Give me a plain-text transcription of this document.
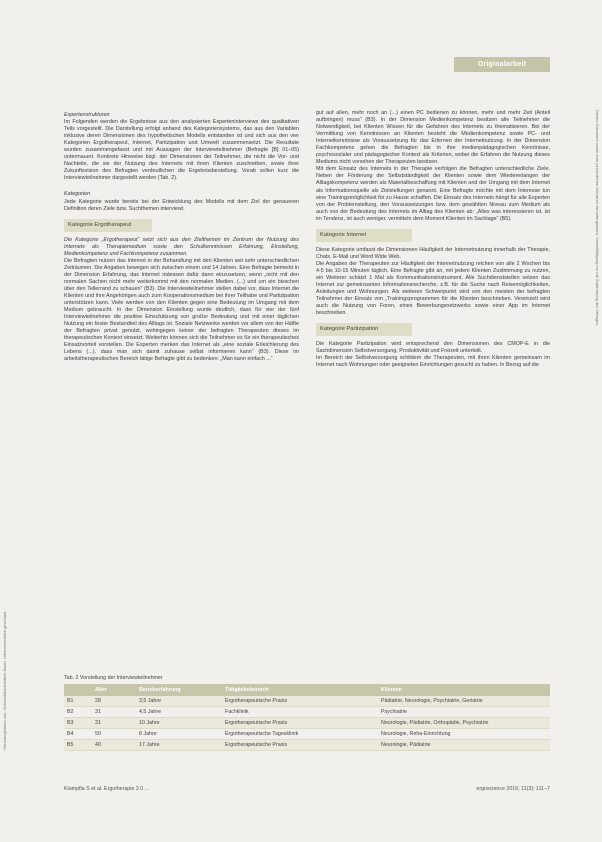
Originalarbeit
Heruntergeladen von: Universitätsbibliothek Basel. Urheberrechtlich geschützt.
Dieses Dokument wurde zum persönlichen Gebrauch heruntergeladen. Vervielfältigung nur mit Zustimmung des Verlages.

Expertenstrukturen

Im Folgenden werden die Ergebnisse aus den analysierten Experteninterviews des qualitativen Teils vorgestellt. Die Darstellung erfolgt anhand des Kategoriensystems, das aus den Variablen inklusive deren Dimensionen des hypothetischen Modells entstanden ist und sich aus den vier Kategorien Ergotherapeut, Internet, Partizipation und Umwelt zusammensetzt. Die Resultate wurden zusammengefasst und mit Aussagen der Interviewteilnehmer (Befragte [B] 01–05) untermauert. Konkrete Hinweise bzgl. der Dimensionen der Teilnehmer, die nicht die Vor- und Nachteile, die sie der Nutzung des Internets mit ihren Klienten zuschreiben, sowie ihrer Zukunftsvision des Befragten verdeutlichen die Ergebnisdarstellung. Vorab sollen kurz die Interviewteilnehmer dargestellt werden (Tab. 2).

Kategorien

Jede Kategorie wurde bereits bei der Entwicklung des Modells mit dem Ziel der genaueren Definition deren Ziele bzw. Suchthemen interviewt.

Kategorie Ergotherapeut

Die Kategorie „Ergotherapeut“ setzt sich aus den Zielthemen im Zentrum der Nutzung des Internets als Therapiemedium sowie den Schulkenntnissen Erfahrung, Einstellung, Medienkompetenz und Fachkompetenz zusammen.

Die Befragten nutzen das Internet in der Behandlung mit den Klienten seit sehr unterschiedlichen Zeiträumen. Die Angaben bewegen sich zwischen einem und 14 Jahren. Eine Befragte bemerkt in der Dimension Erfahrung, das Internet indessen dafür dann einzusetzen, wenn „nicht mit den normalen Sachen nicht mehr weiterkommt mit den normalen Medien. (...) und um ein bisschen über den Tellerrand zu schauen“ (B3). Die Interviewteilnehmer stellen dabei vor, dass Internet die Klienten und ihre Angehörigen auch zum Kooperationsmedium bei ihrer Teilhabe und Partizipation unterstützen kann. Viele werden von den Klienten gegen eine Bedeutung im Umgang mit dem Medium gebraucht. In der Dimension Einstellung wurde deutlich, dass für vier der fünf Interviewteilnehmer die positive Einschätzung von großer Bedeutung und mit einer täglichen Nutzung ein fester Bestandteil des Alltags ist. Soziale Netzwerke werden vor allem von der Hälfte der Befragten privat genutzt, wohingegen keiner der befragten Therapeuten dieses im therapeutischen Kontext einsetzt. Weiterhin können sich die Teilnehmer es für ein therapeutisches Einsatzvorteil vorstellen. Die Experten merken das Internet als „eine soziale Erleichterung des Lebens (...), dass man sich damit zuhause selbst informieren kann“ (B3). Diese im arbeitstherapeutischen Bereich tätige Befragte gibt zu bedenken: „Man kann einfach ...“

gut auf allen, mehr noch an (...) einen PC bedienen zu können, mehr und mehr Zeit (Anteil aufbringen) muss“ (B3). In der Dimension Medienkompetenz besitzen alle Teilnehmer die Notwendigkeit, bei Klienten Wissen für die Gefahren des Internets zu thematisieren. Bei der Vermittlung von Kenntnissen an Klienten besteht die Medienkompetenz sowie PC- und Internetkenntnisse als Voraussetzung für das Erlernen der Internetnutzung. In der Dimension Fachkompetenz gehen die Befragten bis in ihre medienpädagogischen Kenntnisse, psychosozialer und pädagogischer Kontext als Kriterien, wobei die Erfahren die Nutzung dieses Mediums nicht vorsehen der Therapeuten besitzen.

Mit dem Einsatz des Internets in der Therapie verfolgen die Befragten unterschiedliche Ziele. Neben der Förderung der Selbstständigkeit der Klienten sowie dem Wiedererlangen der Alltagskompetenz werden als Materialbeschaffung mit Klienten und der Umgang mit dem Internet als Informationsquelle als Zielstellungen genannt. Eine Befragte möchte mit dem Interesse tun eine Trainingsmöglichkeit für zu Hause schaffen. Die Einsatz des Internets hängt für alle Experten von der Problemstellung, den Voraussetzungen bzw. dem gewählten Niveau zum Medium als auch von der Bedeutung des Internets im Alltag des Klienten ab: „Alles was interessieren ist, ist im Tendenz, ist auch weniger, vermitteln dem Moment Klienten im Sachlage“ (B5).

Kategorie Internet

Diese Kategorie umfasst die Dimensionen Häufigkeit der Internetnutzung innerhalb der Therapie, Chats, E-Mail und Word Wide Web.

Die Angaben der Therapeuten zur Häufigkeit der Internetnutzung reichen von alle 2 Wochen bis 4-5 bis 10-15 Minuten täglich. Eine Befragte gibt an, mit jedem Klienten Zustimmung zu nutzen, ein Weiterer schätzt 1 Mal als Kommunikationsinstrument. Alle Suchdienststellen setzen das Internet zur gemeinsamen Informationsrecherche, z.B. für die Suche nach Reisemöglichkeiten, Anleitungen und Wohnungen. Als weiteren Schwerpunkt wird von den meisten der befragten Teilnehmer der Einsatz von „Trainingsprogrammen für die Klienten beschrieben. Vereinzelt wird auch die Nutzung von Foren, eines Bewerbungsnetzwerks sowie einer App im Internet beschrieben.

Kategorie Partizipation

Die Kategorie Partizipation wird entsprechend den Dimensionen des CMOP-E in die Sachdimension Selbstversorgung, Produktivität und Freizeit unterteilt.

Im Bereich der Selbstversorgung schildern die Therapeuten, mit ihren Klienten gemeinsam im Internet nach Wohnungen oder geeigneten Einrichtungen gesucht zu haben. In Bezug auf die

Tab. 2 Vorstellung der Interviewteilnehmer
	Alter	Berufserfahrung	Tätigkeitsbereich	Klienten
B1	28	3,5 Jahre	Ergotherapeutische Praxis	Pädiatrie, Neurologie, Psychiatrie, Geriatrie
B2	31	4,5 Jahre	Fachklinik	Psychiatrie
B3	31	10 Jahre	Ergotherapeutische Praxis	Neurologie, Pädiatrie, Orthopädie, Psychiatrie
B4	50	8 Jahre	Ergotherapeutische Tagesklinik	Neurologie, Reha-Einrichtung
B5	40	17 Jahre	Ergotherapeutische Praxis	Neurologie, Pädiatrie
Klampfla S et al. Ergotherapie 2.0 ...	ergoscience 2016; 11(3): 111–7
